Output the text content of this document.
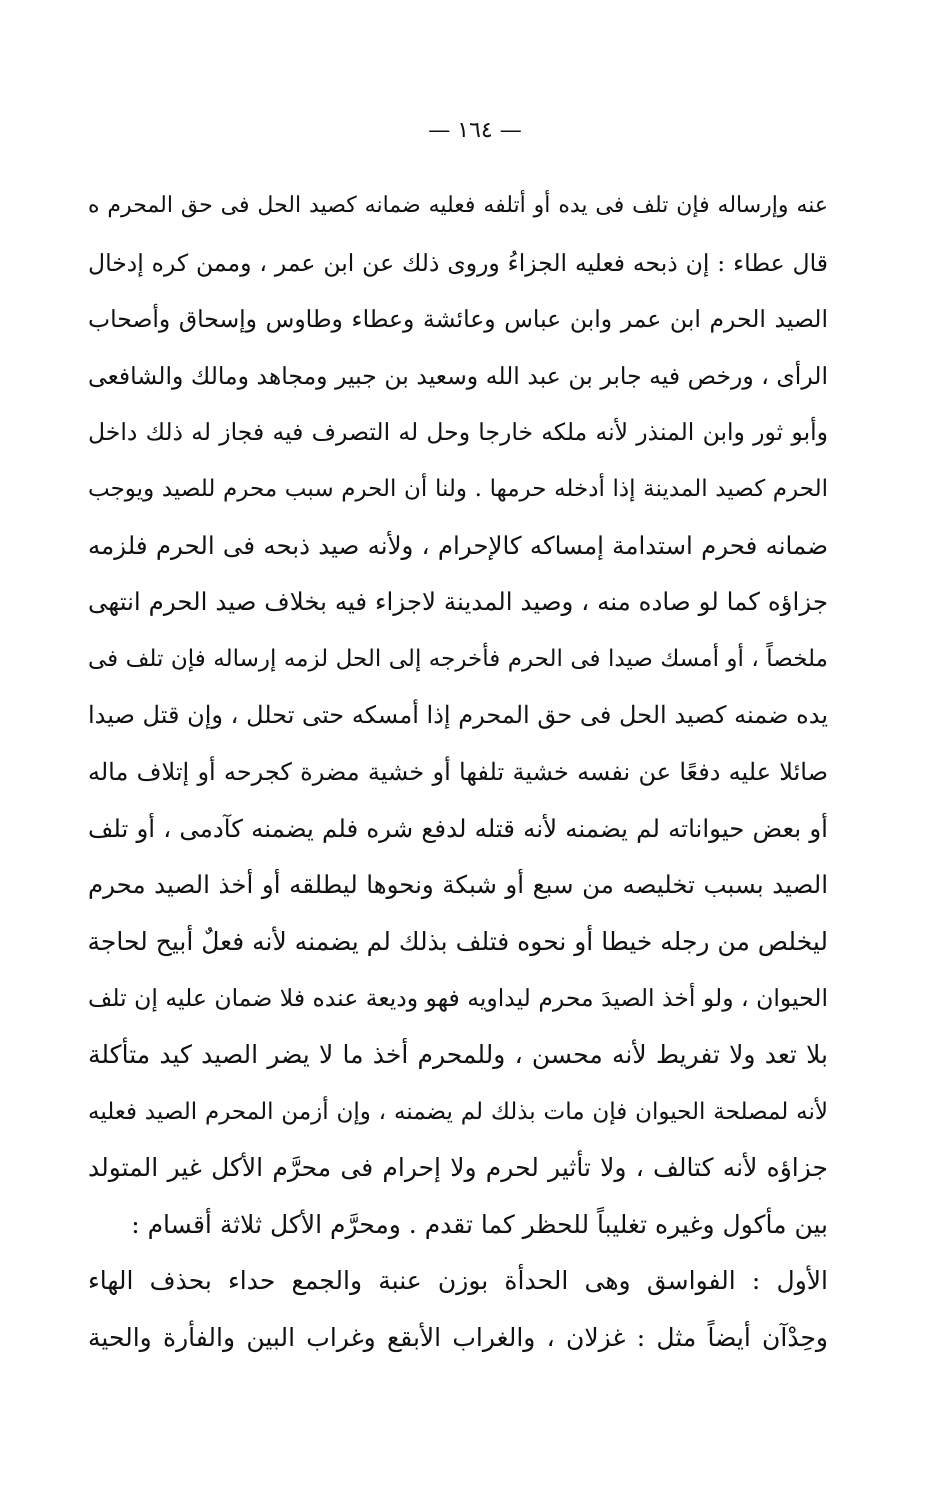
— ١٦٤ —
عنه وإرساله فإن تلف فى يده أو أتلفه فعليه ضمانه كصيد الحل فى حق المحرم ه
قال عطاء : إن ذبحه فعليه الجزاءُ وروى ذلك عن ابن عمر ، وممن كره إدخال
الصيد الحرم ابن عمر وابن عباس وعائشة وعطاء وطاوس وإسحاق وأصحاب
الرأى ، ورخص فيه جابر بن عبد الله وسعيد بن جبير ومجاهد ومالك والشافعى
وأبو ثور وابن المنذر لأنه ملكه خارجا وحل له التصرف فيه فجاز له ذلك داخل
الحرم كصيد المدينة إذا أدخله حرمها . ولنا أن الحرم سبب محرم للصيد ويوجب
ضمانه فحرم استدامة إمساكه كالإحرام ، ولأنه صيد ذبحه فى الحرم فلزمه
جزاؤه كما لو صاده منه ، وصيد المدينة لاجزاء فيه بخلاف صيد الحرم انتهى
ملخصاً ، أو أمسك صيدا فى الحرم فأخرجه إلى الحل لزمه إرساله فإن تلف فى
يده ضمنه كصيد الحل فى حق المحرم إذا أمسكه حتى تحلل ، وإن قتل صيدا
صائلا عليه دفعًا عن نفسه خشية تلفها أو خشية مضرة كجرحه أو إتلاف ماله
أو بعض حيواناته لم يضمنه لأنه قتله لدفع شره فلم يضمنه كآدمى ، أو تلف
الصيد بسبب تخليصه من سبع أو شبكة ونحوها ليطلقه أو أخذ الصيد محرم
ليخلص من رجله خيطا أو نحوه فتلف بذلك لم يضمنه لأنه فعلٌ أبيح لحاجة
الحيوان ، ولو أخذ الصيدَ محرم ليداويه فهو وديعة عنده فلا ضمان عليه إن تلف
بلا تعد ولا تفريط لأنه محسن ، وللمحرم أخذ ما لا يضر الصيد كيد متأكلة
لأنه لمصلحة الحيوان فإن مات بذلك لم يضمنه ، وإن أزمن المحرم الصيد فعليه
جزاؤه لأنه كتالف ، ولا تأثير لحرم ولا إحرام فى محرَّم الأكل غير المتولد
بين مأكول وغيره تغليباً للحظر كما تقدم . ومحرَّم الأكل ثلاثة أقسام :
الأول : الفواسق وهى الحدأة بوزن عنبة والجمع حداء بحذف الهاء
وحِدْآن أيضاً مثل : غزلان ، والغراب الأبقع وغراب البين والفأرة والحية
